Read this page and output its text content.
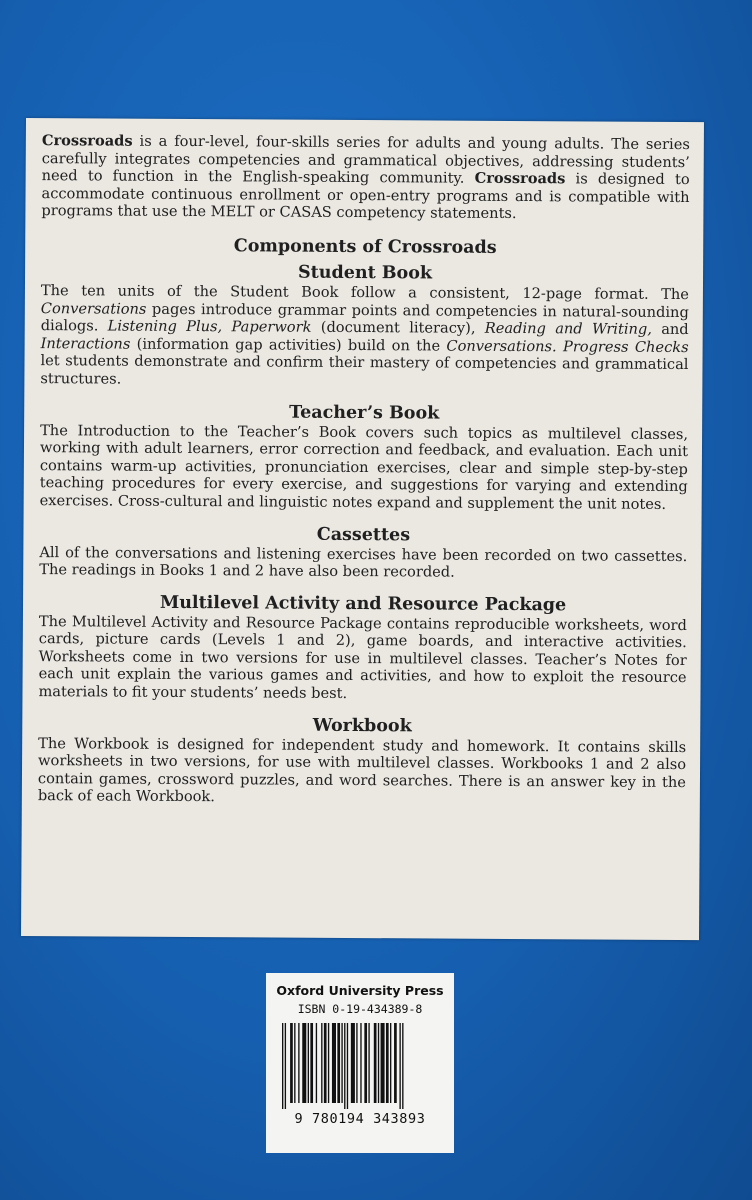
Crossroads is a four-level, four-skills series for adults and young adults. The series carefully integrates competencies and grammatical objectives, addressing students’ need to function in the English-speaking community. Crossroads is designed to accommodate continuous enrollment or open-entry programs and is compatible with programs that use the MELT or CASAS competency statements.

Components of Crossroads
Student Book

The ten units of the Student Book follow a consistent, 12-page format. The Conversations pages introduce grammar points and competencies in natural-sounding dialogs. Listening Plus, Paperwork (document literacy), Reading and Writing, and Interactions (information gap activities) build on the Conversations. Progress Checks let students demonstrate and confirm their mastery of competencies and grammatical structures.

Teacher’s Book

The Introduction to the Teacher’s Book covers such topics as multilevel classes, working with adult learners, error correction and feedback, and evaluation. Each unit contains warm-up activities, pronunciation exercises, clear and simple step-by-step teaching procedures for every exercise, and suggestions for varying and extending exercises. Cross-cultural and linguistic notes expand and supplement the unit notes.

Cassettes

All of the conversations and listening exercises have been recorded on two cassettes. The readings in Books 1 and 2 have also been recorded.

Multilevel Activity and Resource Package

The Multilevel Activity and Resource Package contains reproducible worksheets, word cards, picture cards (Levels 1 and 2), game boards, and interactive activities. Worksheets come in two versions for use in multilevel classes. Teacher’s Notes for each unit explain the various games and activities, and how to exploit the resource materials to fit your students’ needs best.

Workbook

The Workbook is designed for independent study and homework. It contains skills worksheets in two versions, for use with multilevel classes. Workbooks 1 and 2 also contain games, crossword puzzles, and word searches. There is an answer key in the back of each Workbook.

Oxford University Press
ISBN 0-19-434389-8
9 780194 343893
